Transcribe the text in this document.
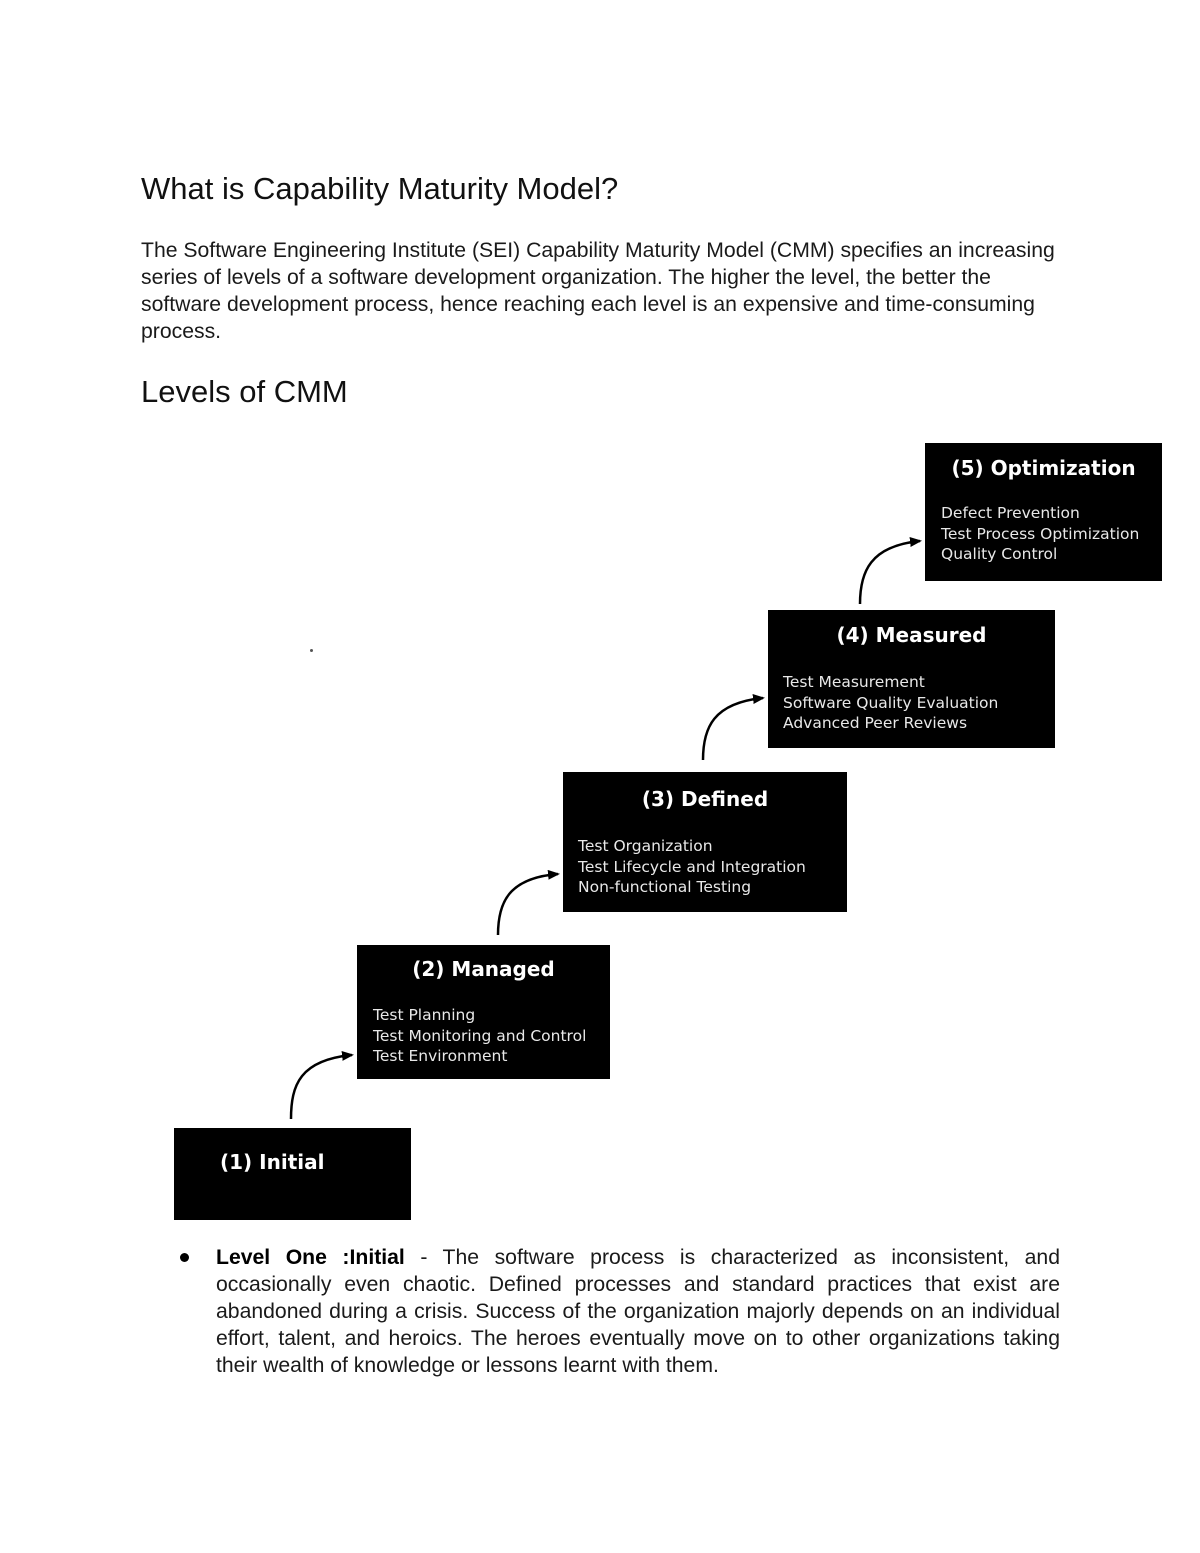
What is Capability Maturity Model?

The Software Engineering Institute (SEI) Capability Maturity Model (CMM) specifies an increasing series of levels of a software development organization. The higher the level, the better the software development process, hence reaching each level is an expensive and time-consuming process.

Levels of CMM
(5) Optimization
Defect Prevention
Test Process Optimization
Quality Control
(4) Measured
Test Measurement
Software Quality Evaluation
Advanced Peer Reviews
(3) Defined
Test Organization
Test Lifecycle and Integration
Non-functional Testing
(2) Managed
Test Planning
Test Monitoring and Control
Test Environment
(1) Initial
Level One :Initial - The software process is characterized as inconsistent, and occasionally even chaotic. Defined processes and standard practices that exist are abandoned during a crisis. Success of the organization majorly depends on an individual effort, talent, and heroics. The heroes eventually move on to other organizations taking their wealth of knowledge or lessons learnt with them.
